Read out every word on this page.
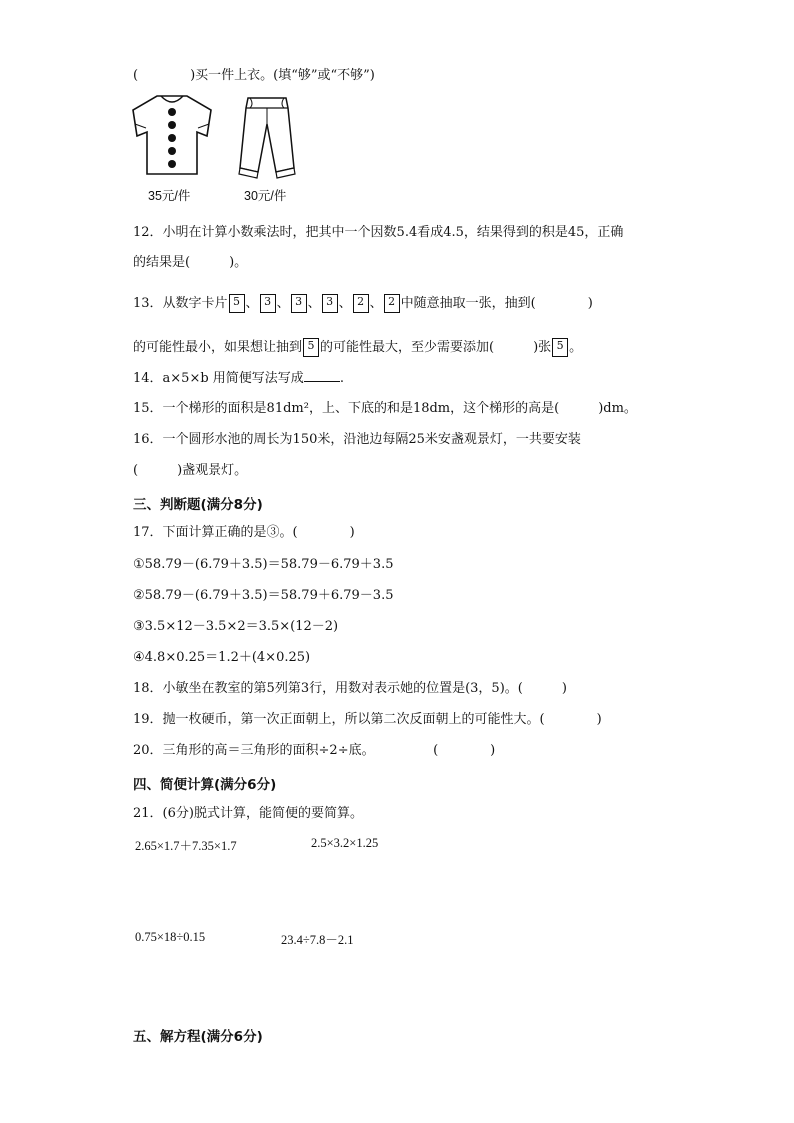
(　　　　)买一件上衣。(填“够”或“不够”)
35元/件	30元/件
12．小明在计算小数乘法时，把其中一个因数5.4看成4.5，结果得到的积是45，正确
的结果是(　　　)。
13．从数字卡片 5 、 3 、 3 、 3 、 2 、 2 中随意抽取一张，抽到(　　　　)
的可能性最小，如果想让抽到 5 的可能性最大，至少需要添加(　　　)张 5 。
14．a×5×b 用简便写法写成	.
15．一个梯形的面积是81dm²，上、下底的和是18dm，这个梯形的高是(　　　)dm。
16．一个圆形水池的周长为150米，沿池边每隔25米安盏观景灯，一共要安装
(　　　)盏观景灯。
三、判断题(满分8分)
17．下面计算正确的是③。(　　　　)
①58.79－(6.79＋3.5)＝58.79－6.79＋3.5
②58.79－(6.79＋3.5)＝58.79＋6.79－3.5
③3.5×12－3.5×2＝3.5×(12－2)
④4.8×0.25＝1.2＋(4×0.25)
18．小敏坐在教室的第5列第3行，用数对表示她的位置是(3，5)。(　　　)
19．抛一枚硬币，第一次正面朝上，所以第二次反面朝上的可能性大。(　　　　)
20．三角形的高＝三角形的面积÷2÷底。　　　　　(　　　　)
四、简便计算(满分6分)
21．(6分)脱式计算，能简便的要简算。
2.65×1.7＋7.35×1.7	2.5×3.2×1.25
0.75×18÷0.15	23.4÷7.8－2.1
五、解方程(满分6分)
